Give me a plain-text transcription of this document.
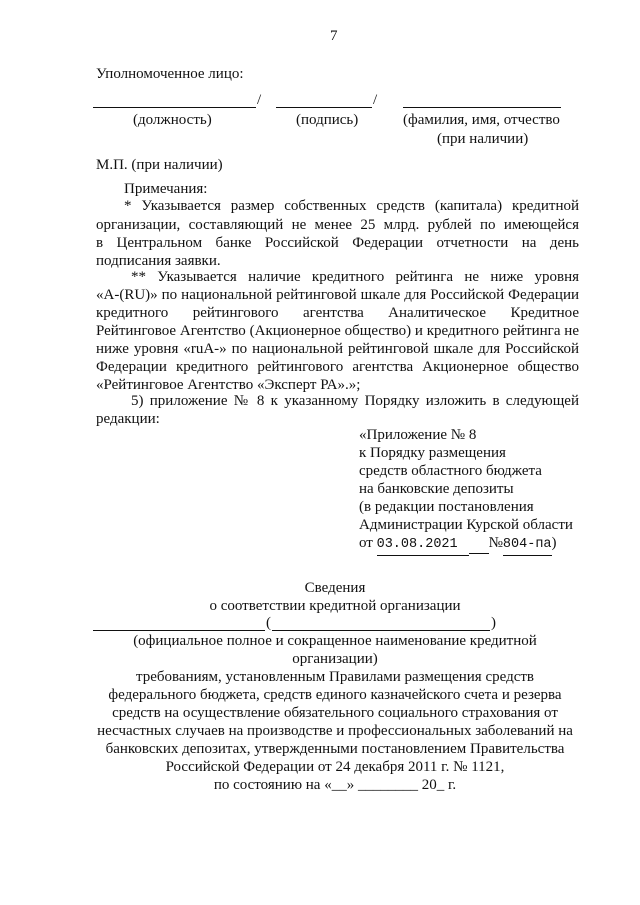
7
Уполномоченное лицо:
/	/
(должность)	(подпись)	(фамилия, имя, отчество
(при наличии)
М.П. (при наличии)
Примечания:
* Указывается размер собственных средств (капитала) кредитной
организации, составляющий не менее 25 млрд. рублей по имеющейся
в Центральном банке Российской Федерации отчетности на день
подписания заявки.
** Указывается наличие кредитного рейтинга не ниже уровня
«A-(RU)» по национальной рейтинговой шкале для Российской Федерации
кредитного рейтингового агентства Аналитическое Кредитное
Рейтинговое Агентство (Акционерное общество) и кредитного рейтинга не
ниже уровня «ruA-» по национальной рейтинговой шкале для Российской
Федерации кредитного рейтингового агентства Акционерное общество
«Рейтинговое Агентство «Эксперт РА».»;
5) приложение № 8 к указанному Порядку изложить в следующей
редакции:
«Приложение № 8
к Порядку размещения
средств областного бюджета
на банковские депозиты
(в редакции постановления
Администрации Курской области
от 03.08.2021 №804-па)
Сведения
о соответствии кредитной организации
(	)
(официальное полное и сокращенное наименование кредитной
организации)
требованиям, установленным Правилами размещения средств
федерального бюджета, средств единого казначейского счета и резерва
средств на осуществление обязательного социального страхования от
несчастных случаев на производстве и профессиональных заболеваний на
банковских депозитах, утвержденными постановлением Правительства
Российской Федерации от 24 декабря 2011 г. № 1121,
по состоянию на «__» ________ 20_ г.
